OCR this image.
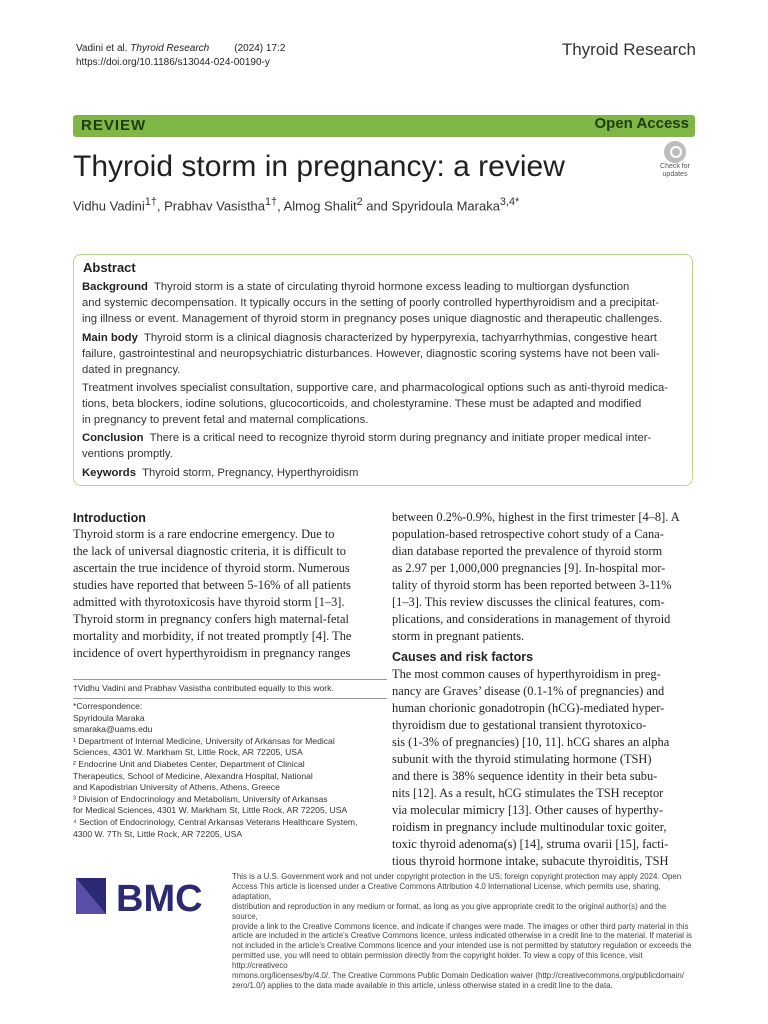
Vadini et al. Thyroid Research	(2024) 17:2
https://doi.org/10.1186/s13044-024-00190-y
Thyroid Research
REVIEW	Open Access
Thyroid storm in pregnancy: a review	Check for
updates
Vidhu Vadini$^{1\dagger}$, Prabhav Vasistha$^{1\dagger}$, Almog Shalit$^2$ and Spyridoula Maraka$^{3,4*}$
Abstract
Background Thyroid storm is a state of circulating thyroid hormone excess leading to multiorgan dysfunction
and systemic decompensation. It typically occurs in the setting of poorly controlled hyperthyroidism and a precipitat-
ing illness or event. Management of thyroid storm in pregnancy poses unique diagnostic and therapeutic challenges.
Main body Thyroid storm is a clinical diagnosis characterized by hyperpyrexia, tachyarrhythmias, congestive heart
failure, gastrointestinal and neuropsychiatric disturbances. However, diagnostic scoring systems have not been vali-
dated in pregnancy.
Treatment involves specialist consultation, supportive care, and pharmacological options such as anti-thyroid medica-
tions, beta blockers, iodine solutions, glucocorticoids, and cholestyramine. These must be adapted and modified
in pregnancy to prevent fetal and maternal complications.
Conclusion There is a critical need to recognize thyroid storm during pregnancy and initiate proper medical inter-
ventions promptly.
Keywords Thyroid storm, Pregnancy, Hyperthyroidism
Introduction
Thyroid storm is a rare endocrine emergency. Due to
the lack of universal diagnostic criteria, it is difficult to
ascertain the true incidence of thyroid storm. Numerous
studies have reported that between 5-16% of all patients
admitted with thyrotoxicosis have thyroid storm [1–3].
Thyroid storm in pregnancy confers high maternal-fetal
mortality and morbidity, if not treated promptly [4]. The
incidence of overt hyperthyroidism in pregnancy ranges
†Vidhu Vadini and Prabhav Vasistha contributed equally to this work.
*Correspondence:
Spyridoula Maraka
smaraka@uams.edu
¹ Department of Internal Medicine, University of Arkansas for Medical
Sciences, 4301 W. Markham St, Little Rock, AR 72205, USA
² Endocrine Unit and Diabetes Center, Department of Clinical
Therapeutics, School of Medicine, Alexandra Hospital, National
and Kapodistrian University of Athens, Athens, Greece
³ Division of Endocrinology and Metabolism, University of Arkansas
for Medical Sciences, 4301 W. Markham St, Little Rock, AR 72205, USA
⁴ Section of Endocrinology, Central Arkansas Veterans Healthcare System,
4300 W. 7Th St, Little Rock, AR 72205, USA
between 0.2%-0.9%, highest in the first trimester [4–8]. A
population-based retrospective cohort study of a Cana-
dian database reported the prevalence of thyroid storm
as 2.97 per 1,000,000 pregnancies [9]. In-hospital mor-
tality of thyroid storm has been reported between 3-11%
[1–3]. This review discusses the clinical features, com-
plications, and considerations in management of thyroid
storm in pregnant patients.
Causes and risk factors
The most common causes of hyperthyroidism in preg-
nancy are Graves’ disease (0.1-1% of pregnancies) and
human chorionic gonadotropin (hCG)-mediated hyper-
thyroidism due to gestational transient thyrotoxico-
sis (1-3% of pregnancies) [10, 11]. hCG shares an alpha
subunit with the thyroid stimulating hormone (TSH)
and there is 38% sequence identity in their beta subu-
nits [12]. As a result, hCG stimulates the TSH receptor
via molecular mimicry [13]. Other causes of hyperthy-
roidism in pregnancy include multinodular toxic goiter,
toxic thyroid adenoma(s) [14], struma ovarii [15], facti-
tious thyroid hormone intake, subacute thyroiditis, TSH
BMC
This is a U.S. Government work and not under copyright protection in the US; foreign copyright protection may apply 2024. Open
Access This article is licensed under a Creative Commons Attribution 4.0 International License, which permits use, sharing, adaptation,
distribution and reproduction in any medium or format, as long as you give appropriate credit to the original author(s) and the source,
provide a link to the Creative Commons licence, and indicate if changes were made. The images or other third party material in this
article are included in the article’s Creative Commons licence, unless indicated otherwise in a credit line to the material. If material is
not included in the article’s Creative Commons licence and your intended use is not permitted by statutory regulation or exceeds the
permitted use, you will need to obtain permission directly from the copyright holder. To view a copy of this licence, visit http://creativeco
mmons.org/licenses/by/4.0/. The Creative Commons Public Domain Dedication waiver (http://creativecommons.org/publicdomain/
zero/1.0/) applies to the data made available in this article, unless otherwise stated in a credit line to the data.
